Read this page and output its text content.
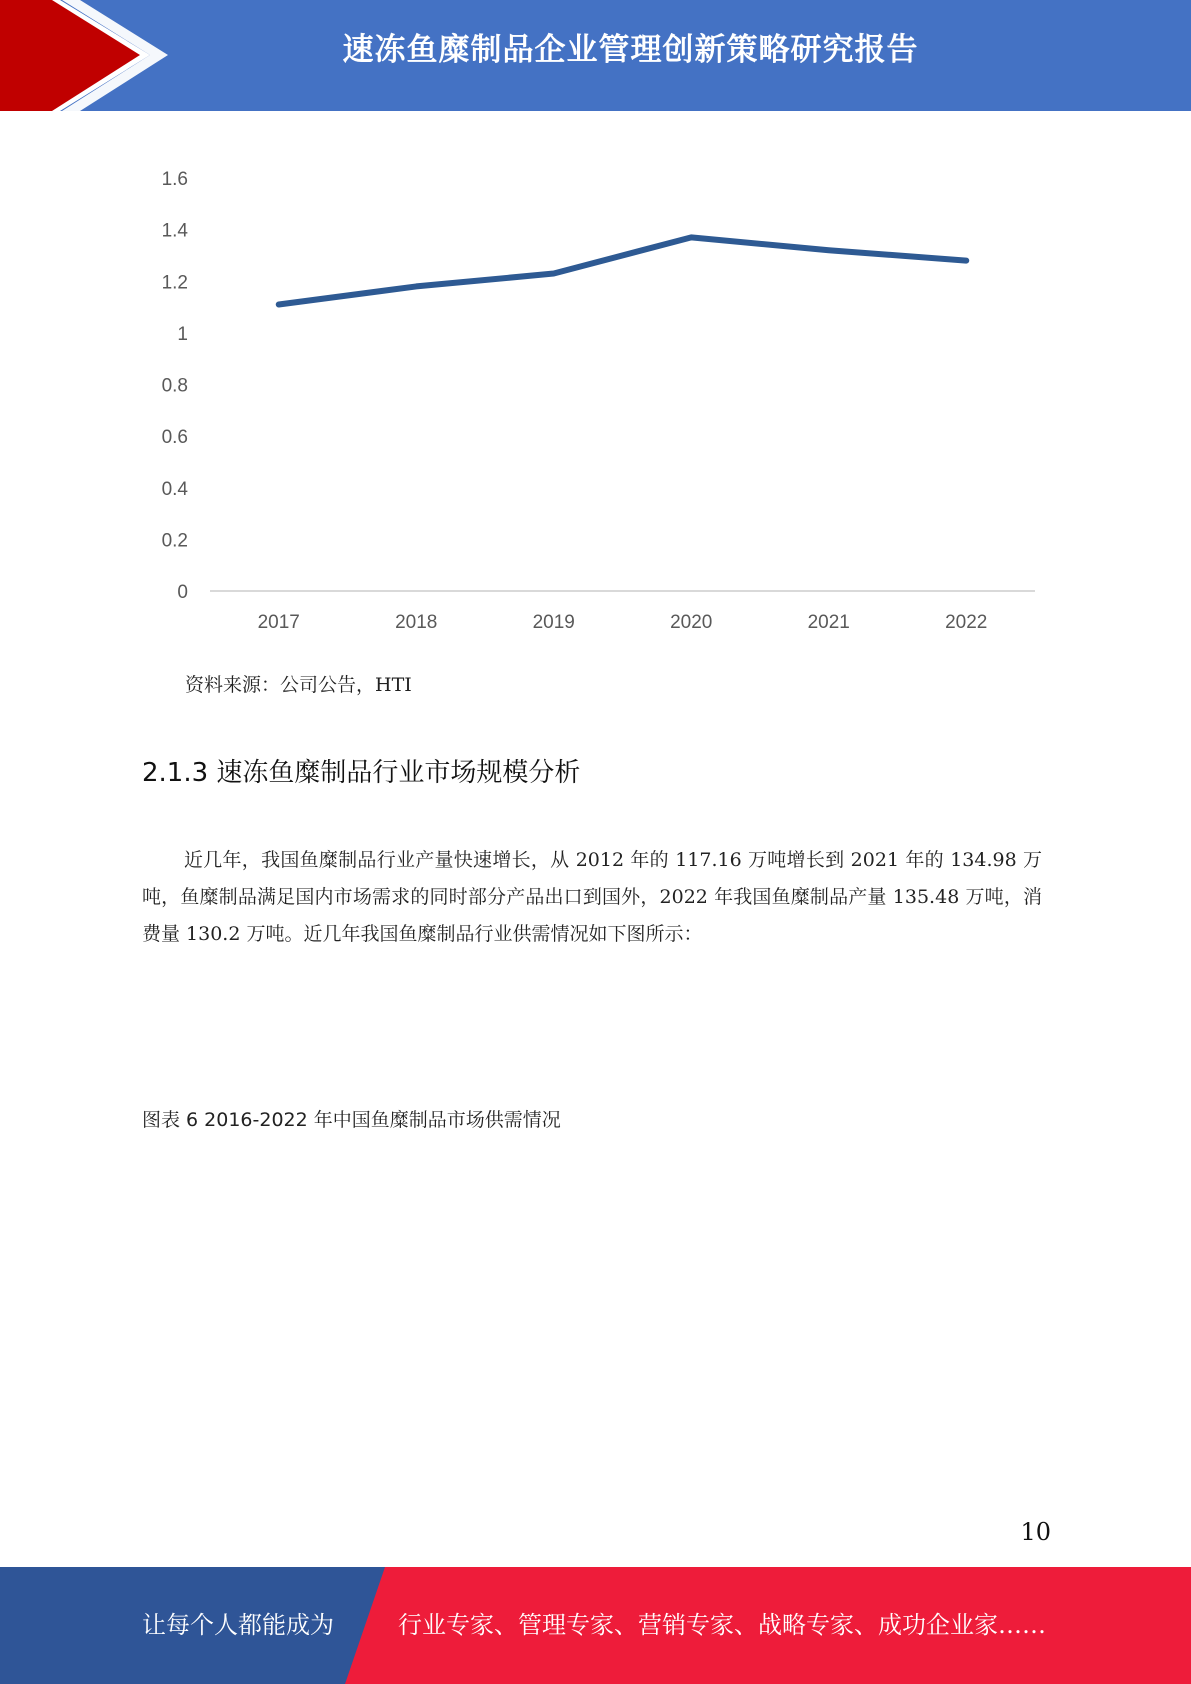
速冻鱼糜制品企业管理创新策略研究报告
0
0.2
0.4
0.6
0.8
1
1.2
1.4
1.6
2017	2018	2019	2020	2021	2022
资料来源：公司公告，HTI
2.1.3 速冻鱼糜制品行业市场规模分析
近几年，我国鱼糜制品行业产量快速增长，从 2012 年的 117.16 万吨增长到 2021 年的 134.98 万吨，鱼糜制品满足国内市场需求的同时部分产品出口到国外，2022 年我国鱼糜制品产量 135.48 万吨，消费量 130.2 万吨。近几年我国鱼糜制品行业供需情况如下图所示：
图表 6 2016-2022 年中国鱼糜制品市场供需情况
10
让每个人都能成为	行业专家、管理专家、营销专家、战略专家、成功企业家……
